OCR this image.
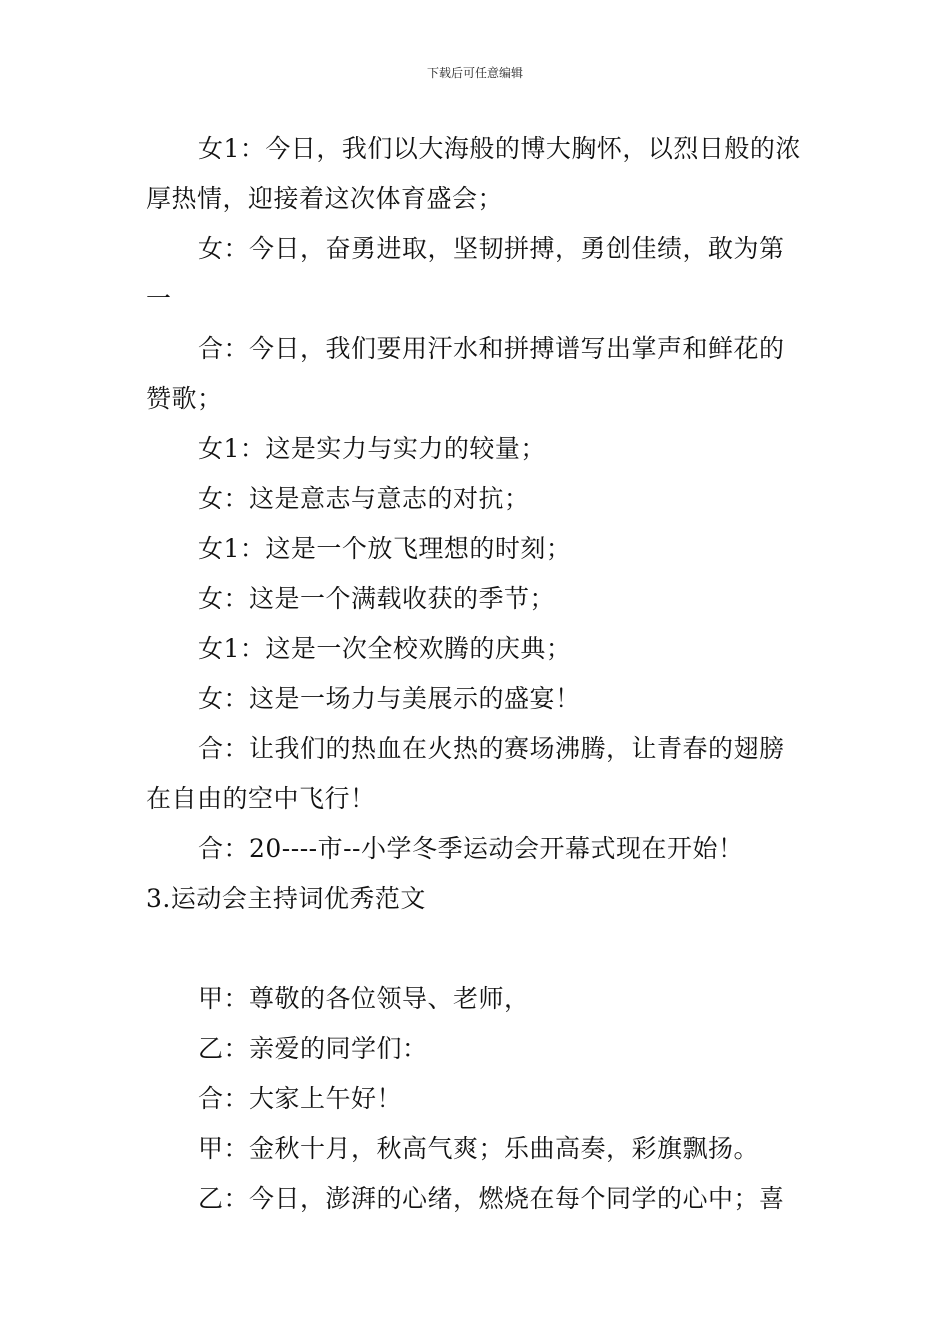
下载后可任意编辑

女1：今日，我们以大海般的博大胸怀，以烈日般的浓厚热情，迎接着这次体育盛会；

女：今日，奋勇进取，坚韧拼搏，勇创佳绩，敢为第一

合：今日，我们要用汗水和拼搏谱写出掌声和鲜花的赞歌；

女1：这是实力与实力的较量；

女：这是意志与意志的对抗；

女1：这是一个放飞理想的时刻；

女：这是一个满载收获的季节；

女1：这是一次全校欢腾的庆典；

女：这是一场力与美展示的盛宴！

合：让我们的热血在火热的赛场沸腾，让青春的翅膀在自由的空中飞行！

合：20----市--小学冬季运动会开幕式现在开始！

3.运动会主持词优秀范文

甲：尊敬的各位领导、老师，

乙：亲爱的同学们：

合：大家上午好！

甲：金秋十月，秋高气爽；乐曲高奏，彩旗飘扬。

乙：今日，澎湃的心绪，燃烧在每个同学的心中；喜
